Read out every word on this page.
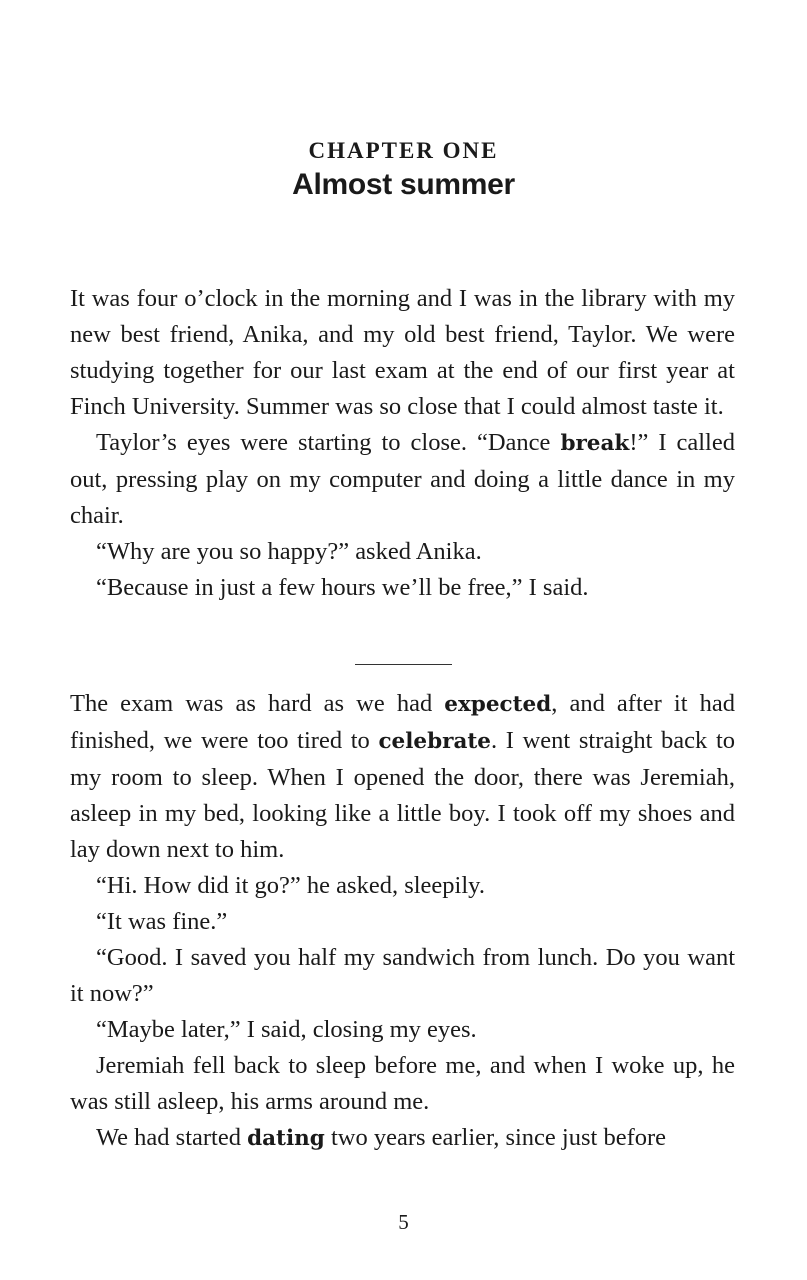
CHAPTER ONE
Almost summer

It was four o’clock in the morning and I was in the library with my new best friend, Anika, and my old best friend, Taylor. We were studying together for our last exam at the end of our first year at Finch University. Summer was so close that I could almost taste it.

Taylor’s eyes were starting to close. “Dance break!” I called out, pressing play on my computer and doing a little dance in my chair.

“Why are you so happy?” asked Anika.

“Because in just a few hours we’ll be free,” I said.

The exam was as hard as we had expected, and after it had finished, we were too tired to celebrate. I went straight back to my room to sleep. When I opened the door, there was Jeremiah, asleep in my bed, looking like a little boy. I took off my shoes and lay down next to him.

“Hi. How did it go?” he asked, sleepily.

“It was fine.”

“Good. I saved you half my sandwich from lunch. Do you want it now?”

“Maybe later,” I said, closing my eyes.

Jeremiah fell back to sleep before me, and when I woke up, he was still asleep, his arms around me.

We had started dating two years earlier, since just before

5
